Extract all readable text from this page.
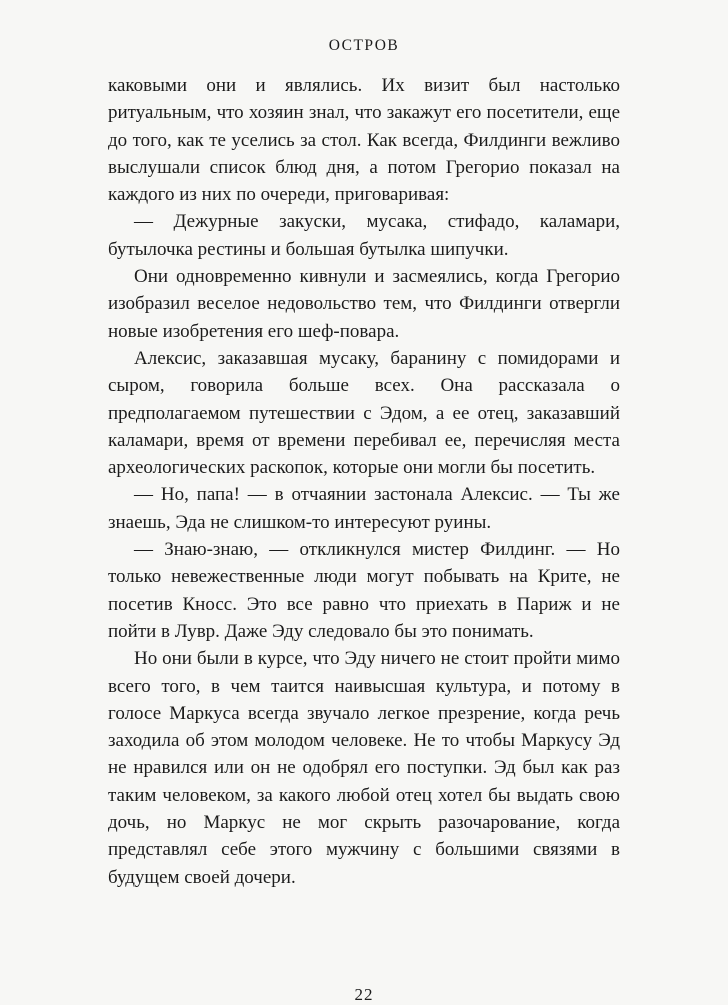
ОСТРОВ

каковыми они и являлись. Их визит был настолько ритуальным, что хозяин знал, что закажут его посетители, еще до того, как те уселись за стол. Как всегда, Филдинги вежливо выслушали список блюд дня, а потом Грегорио показал на каждого из них по очереди, приговаривая:

— Дежурные закуски, мусака, стифадо, каламари, бутылочка рестины и большая бутылка шипучки.

Они одновременно кивнули и засмеялись, когда Грегорио изобразил веселое недовольство тем, что Филдинги отвергли новые изобретения его шеф-повара.

Алексис, заказавшая мусаку, баранину с помидорами и сыром, говорила больше всех. Она рассказала о предполагаемом путешествии с Эдом, а ее отец, заказавший каламари, время от времени перебивал ее, перечисляя места археологических раскопок, которые они могли бы посетить.

— Но, папа! — в отчаянии застонала Алексис. — Ты же знаешь, Эда не слишком-то интересуют руины.

— Знаю-знаю, — откликнулся мистер Филдинг. — Но только невежественные люди могут побывать на Крите, не посетив Кносс. Это все равно что приехать в Париж и не пойти в Лувр. Даже Эду следовало бы это понимать.

Но они были в курсе, что Эду ничего не стоит пройти мимо всего того, в чем таится наивысшая культура, и потому в голосе Маркуса всегда звучало легкое презрение, когда речь заходила об этом молодом человеке. Не то чтобы Маркусу Эд не нравился или он не одобрял его поступки. Эд был как раз таким человеком, за какого любой отец хотел бы выдать свою дочь, но Маркус не мог скрыть разочарование, когда представлял себе этого мужчину с большими связями в будущем своей дочери.

22
